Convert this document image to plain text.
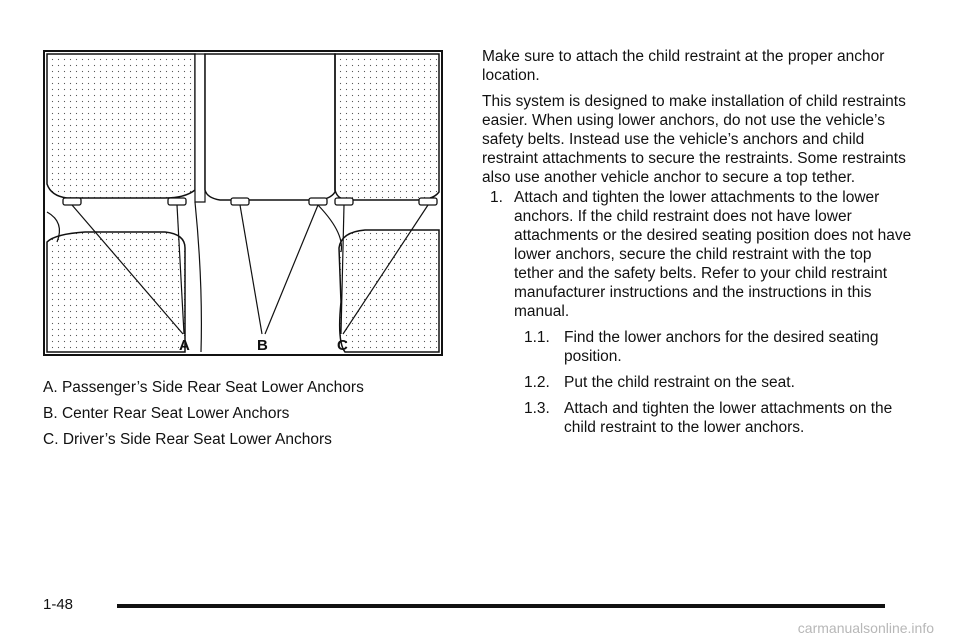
A	B	C

A. Passenger’s Side Rear Seat Lower Anchors

B. Center Rear Seat Lower Anchors

C. Driver’s Side Rear Seat Lower Anchors

Make sure to attach the child restraint at the proper anchor location.

This system is designed to make installation of child restraints easier. When using lower anchors, do not use the vehicle’s safety belts. Instead use the vehicle’s anchors and child restraint attachments to secure the restraints. Some restraints also use another vehicle anchor to secure a top tether.

1. Attach and tighten the lower attachments to the lower anchors. If the child restraint does not have lower attachments or the desired seating position does not have lower anchors, secure the child restraint with the top tether and the safety belts. Refer to your child restraint manufacturer instructions and the instructions in this manual.
1.1. Find the lower anchors for the desired seating position.
1.2. Put the child restraint on the seat.
1.3. Attach and tighten the lower attachments on the child restraint to the lower anchors.
1-48
carmanualsonline.info
